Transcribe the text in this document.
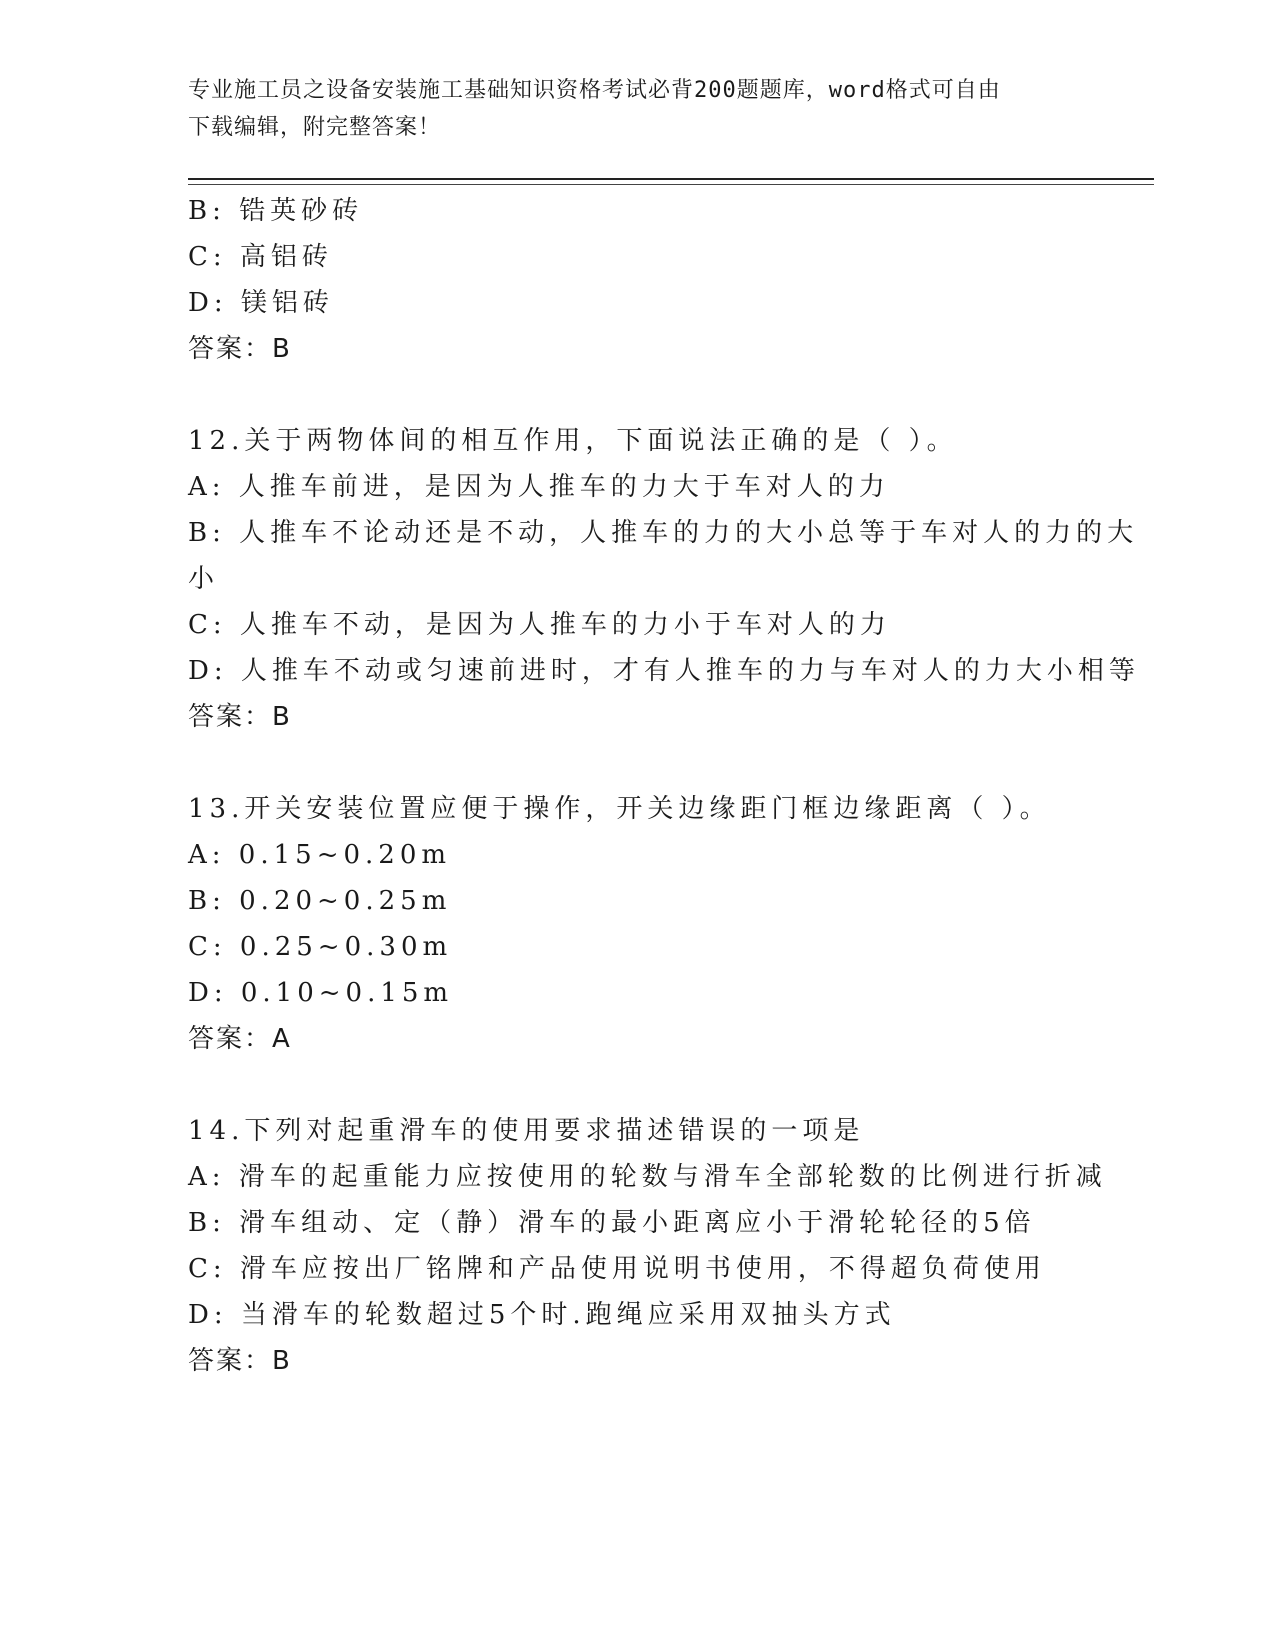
专业施工员之设备安装施工基础知识资格考试必背200题题库，word格式可自由
下载编辑，附完整答案！
B: 锆英砂砖
C: 高铝砖
D: 镁铝砖
答案：B
12.关于两物体间的相互作用，下面说法正确的是（ ）。
A: 人推车前进，是因为人推车的力大于车对人的力
B: 人推车不论动还是不动，人推车的力的大小总等于车对人的力的大
小
C: 人推车不动，是因为人推车的力小于车对人的力
D: 人推车不动或匀速前进时，才有人推车的力与车对人的力大小相等
答案：B
13.开关安装位置应便于操作，开关边缘距门框边缘距离（ ）。
A: 0.15~0.20m
B: 0.20~0.25m
C: 0.25~0.30m
D: 0.10~0.15m
答案：A
14.下列对起重滑车的使用要求描述错误的一项是
A: 滑车的起重能力应按使用的轮数与滑车全部轮数的比例进行折减
B: 滑车组动、定（静）滑车的最小距离应小于滑轮轮径的5倍
C: 滑车应按出厂铭牌和产品使用说明书使用，不得超负荷使用
D: 当滑车的轮数超过5个时.跑绳应采用双抽头方式
答案：B
